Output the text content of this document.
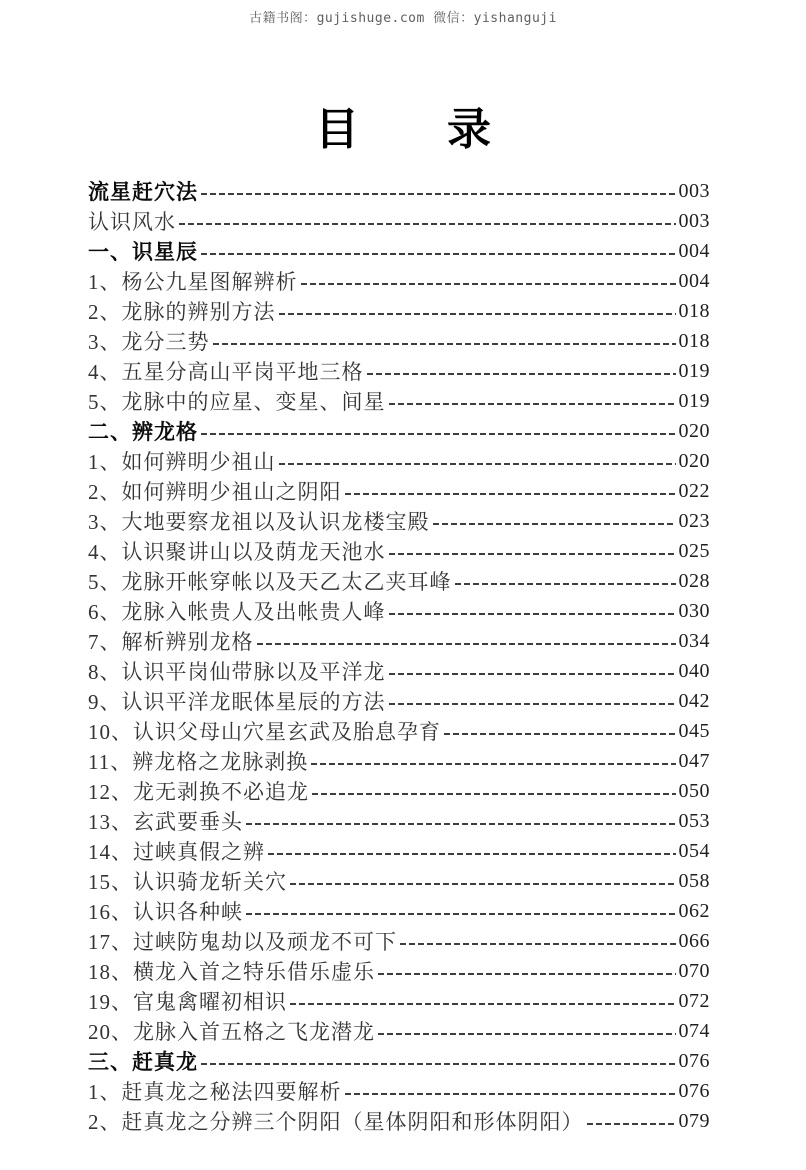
古籍书阁：gujishuge.com 微信：yishanguji
目　　录
流星赶穴法	003
认识风水	003
一、识星辰	004
1、杨公九星图解辨析	004
2、龙脉的辨别方法	018
3、龙分三势	018
4、五星分高山平岗平地三格	019
5、龙脉中的应星、变星、间星	019
二、辨龙格	020
1、如何辨明少祖山	020
2、如何辨明少祖山之阴阳	022
3、大地要察龙祖以及认识龙楼宝殿	023
4、认识聚讲山以及荫龙天池水	025
5、龙脉开帐穿帐以及天乙太乙夹耳峰	028
6、龙脉入帐贵人及出帐贵人峰	030
7、解析辨别龙格	034
8、认识平岗仙带脉以及平洋龙	040
9、认识平洋龙眠体星辰的方法	042
10、认识父母山穴星玄武及胎息孕育	045
11、辨龙格之龙脉剥换	047
12、龙无剥换不必追龙	050
13、玄武要垂头	053
14、过峡真假之辨	054
15、认识骑龙斩关穴	058
16、认识各种峡	062
17、过峡防鬼劫以及顽龙不可下	066
18、横龙入首之特乐借乐虚乐	070
19、官鬼禽曜初相识	072
20、龙脉入首五格之飞龙潜龙	074
三、赶真龙	076
1、赶真龙之秘法四要解析	076
2、赶真龙之分辨三个阴阳（星体阴阳和形体阴阳）	079
